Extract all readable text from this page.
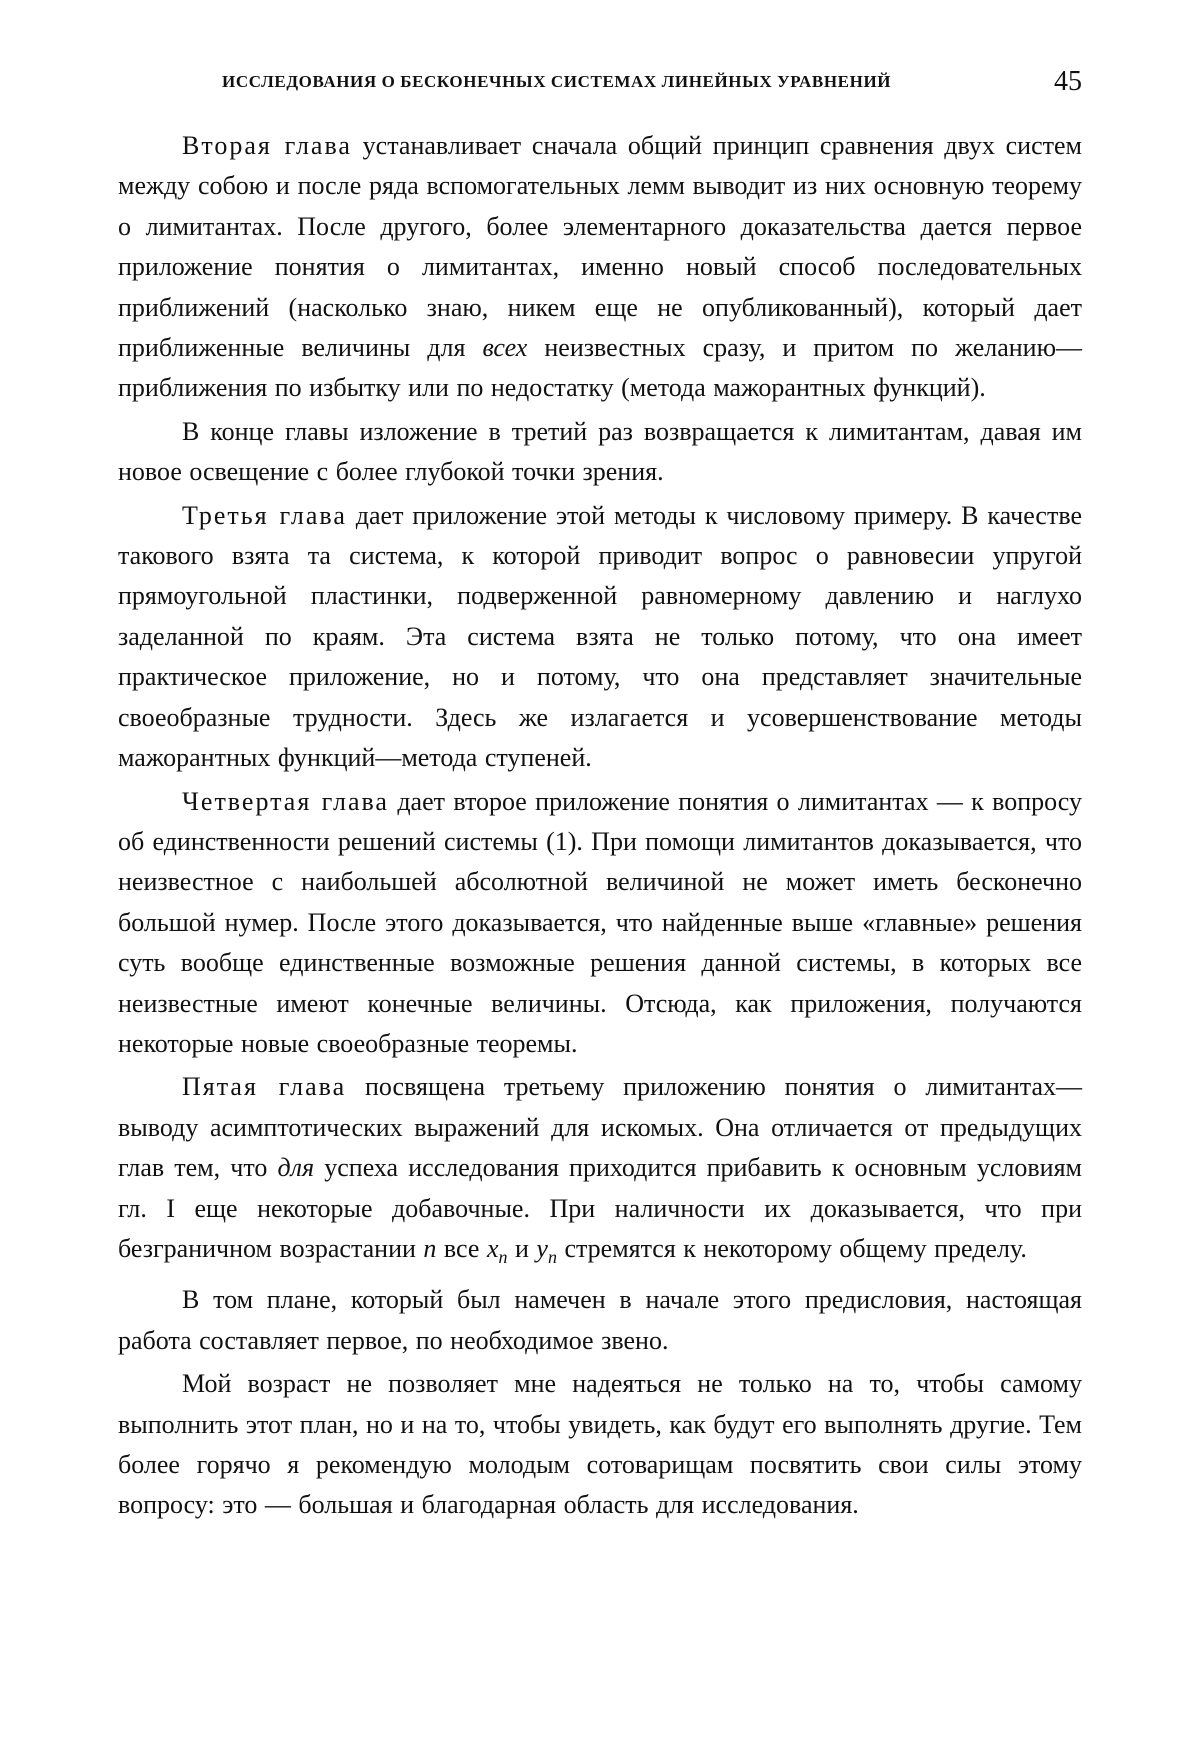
ИССЛЕДОВАНИЯ О БЕСКОНЕЧНЫХ СИСТЕМАХ ЛИНЕЙНЫХ УРАВНЕНИЙ	45

Вторая глава устанавливает сначала общий принцип сравнения двух систем между собою и после ряда вспомогательных лемм выводит из них основную теорему о лимитантах. После другого, более элементарного доказательства дается первое приложение понятия о лимитантах, именно новый способ последовательных приближений (насколько знаю, никем еще не опубликованный), который дает приближенные величины для всех неизвестных сразу, и притом по желанию—приближения по избытку или по недостатку (метода мажорантных функций).

В конце главы изложение в третий раз возвращается к лимитантам, давая им новое освещение с более глубокой точки зрения.

Третья глава дает приложение этой методы к числовому примеру. В качестве такового взята та система, к которой приводит вопрос о равновесии упругой прямоугольной пластинки, подверженной равномерному давлению и наглухо заделанной по краям. Эта система взята не только потому, что она имеет практическое приложение, но и потому, что она представляет значительные своеобразные трудности. Здесь же излагается и усовершенствование методы мажорантных функций—метода ступеней.

Четвертая глава дает второе приложение понятия о лимитантах — к вопросу об единственности решений системы (1). При помощи лимитантов доказывается, что неизвестное с наибольшей абсолютной величиной не может иметь бесконечно большой нумер. После этого доказывается, что найденные выше «главные» решения суть вообще единственные возможные решения данной системы, в которых все неизвестные имеют конечные величины. Отсюда, как приложения, получаются некоторые новые своеобразные теоремы.

Пятая глава посвящена третьему приложению понятия о лимитантах—выводу асимптотических выражений для искомых. Она отличается от предыдущих глав тем, что для успеха исследования приходится прибавить к основным условиям гл. I еще некоторые добавочные. При наличности их доказывается, что при безграничном возрастании n все $x_n$ и $y_n$ стремятся к некоторому общему пределу.

В том плане, который был намечен в начале этого предисловия, настоящая работа составляет первое, по необходимое звено.

Мой возраст не позволяет мне надеяться не только на то, чтобы самому выполнить этот план, но и на то, чтобы увидеть, как будут его выполнять другие. Тем более горячо я рекомендую молодым сотоварищам посвятить свои силы этому вопросу: это — большая и благодарная область для исследования.
